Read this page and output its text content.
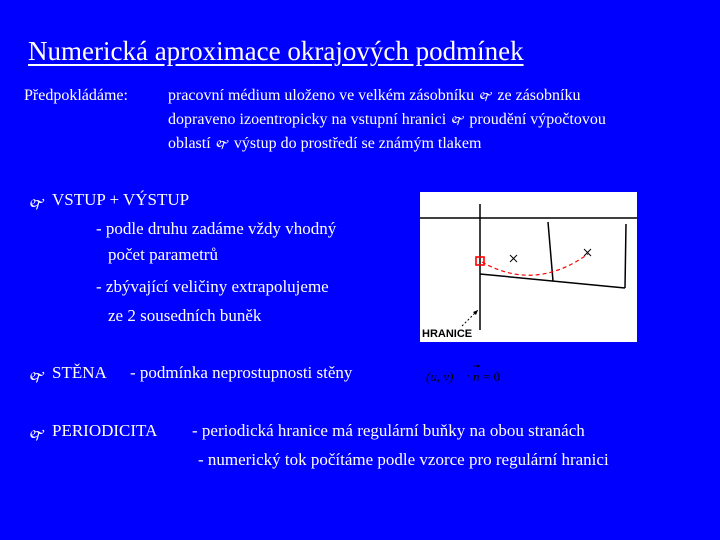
Numerická aproximace okrajových podmínek
Předpokládáme:	pracovní médium uloženo ve velkém zásobníku 🙰 ze zásobníku
dopraveno izoentropicky na vstupní hranici 🙰 proudění výpočtovou
oblastí 🙰 výstup do prostředí se známým tlakem
🙰 VSTUP + VÝSTUP
- podle druhu zadáme vždy vhodný
počet parametrů
- zbývající veličiny extrapolujeme
ze 2 sousedních buněk
HRANICE
🙰 STĚNA - podmínka neprostupnosti stěny	(u, v) · n = 0
🙰 PERIODICITA - periodická hranice má regulární buňky na obou stranách
- numerický tok počítáme podle vzorce pro regulární hranici
